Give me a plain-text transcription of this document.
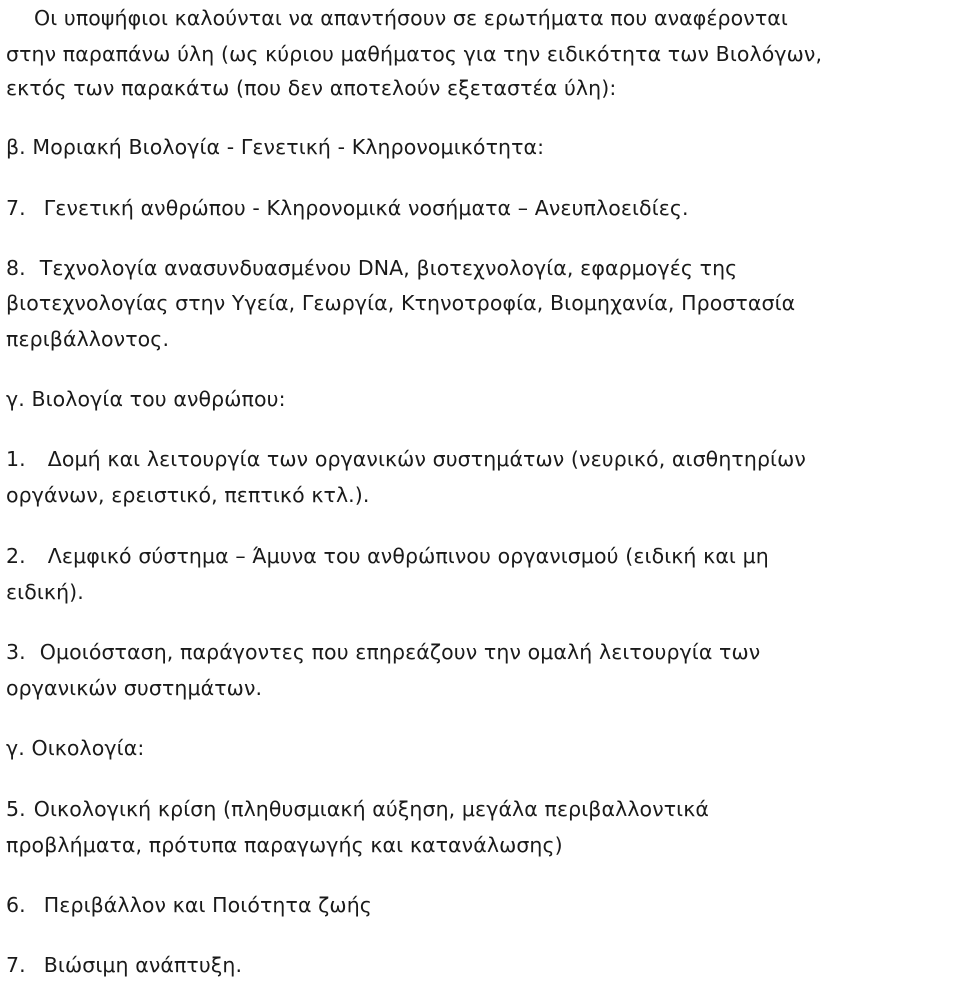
Οι υποψήφιοι καλούνται να απαντήσουν σε ερωτήματα που αναφέρονται
στην παραπάνω ύλη (ως κύριου μαθήματος για την ειδικότητα των Βιολόγων,
εκτός των παρακάτω (που δεν αποτελούν εξεταστέα ύλη):
β. Μοριακή Βιολογία - Γενετική - Κληρονομικότητα:
7. Γενετική ανθρώπου - Κληρονομικά νοσήματα – Ανευπλοειδίες.
8. Τεχνολογία ανασυνδυασμένου DNA, βιοτεχνολογία, εφαρμογές της
βιοτεχνολογίας στην Υγεία, Γεωργία, Κτηνοτροφία, Βιομηχανία, Προστασία
περιβάλλοντος.
γ. Βιολογία του ανθρώπου:
1. Δομή και λειτουργία των οργανικών συστημάτων (νευρικό, αισθητηρίων
οργάνων, ερειστικό, πεπτικό κτλ.).
2. Λεμφικό σύστημα – Άμυνα του ανθρώπινου οργανισμού (ειδική και μη
ειδική).
3. Ομοιόσταση, παράγοντες που επηρεάζουν την ομαλή λειτουργία των
οργανικών συστημάτων.
γ. Οικολογία:
5. Οικολογική κρίση (πληθυσμιακή αύξηση, μεγάλα περιβαλλοντικά
προβλήματα, πρότυπα παραγωγής και κατανάλωσης)
6. Περιβάλλον και Ποιότητα ζωής
7. Βιώσιμη ανάπτυξη.
